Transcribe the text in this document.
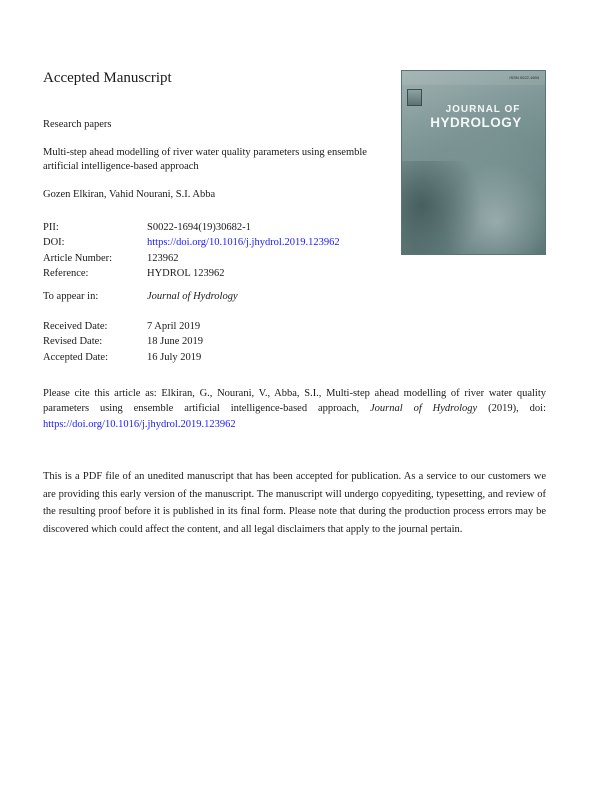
Accepted Manuscript
Research papers
Multi-step ahead modelling of river water quality parameters using ensemble artificial intelligence-based approach
Gozen Elkiran, Vahid Nourani, S.I. Abba
PII:	S0022-1694(19)30682-1
DOI:	https://doi.org/10.1016/j.jhydrol.2019.123962
Article Number:	123962
Reference:	HYDROL 123962
To appear in:	Journal of Hydrology
Received Date:	7 April 2019
Revised Date:	18 June 2019
Accepted Date:	16 July 2019
Please cite this article as: Elkiran, G., Nourani, V., Abba, S.I., Multi-step ahead modelling of river water quality parameters using ensemble artificial intelligence-based approach, Journal of Hydrology (2019), doi: https://doi.org/10.1016/j.jhydrol.2019.123962
This is a PDF file of an unedited manuscript that has been accepted for publication. As a service to our customers we are providing this early version of the manuscript. The manuscript will undergo copyediting, typesetting, and review of the resulting proof before it is published in its final form. Please note that during the production process errors may be discovered which could affect the content, and all legal disclaimers that apply to the journal pertain.
ISSN 0022-1694
JOURNAL OF
HYDROLOGY
